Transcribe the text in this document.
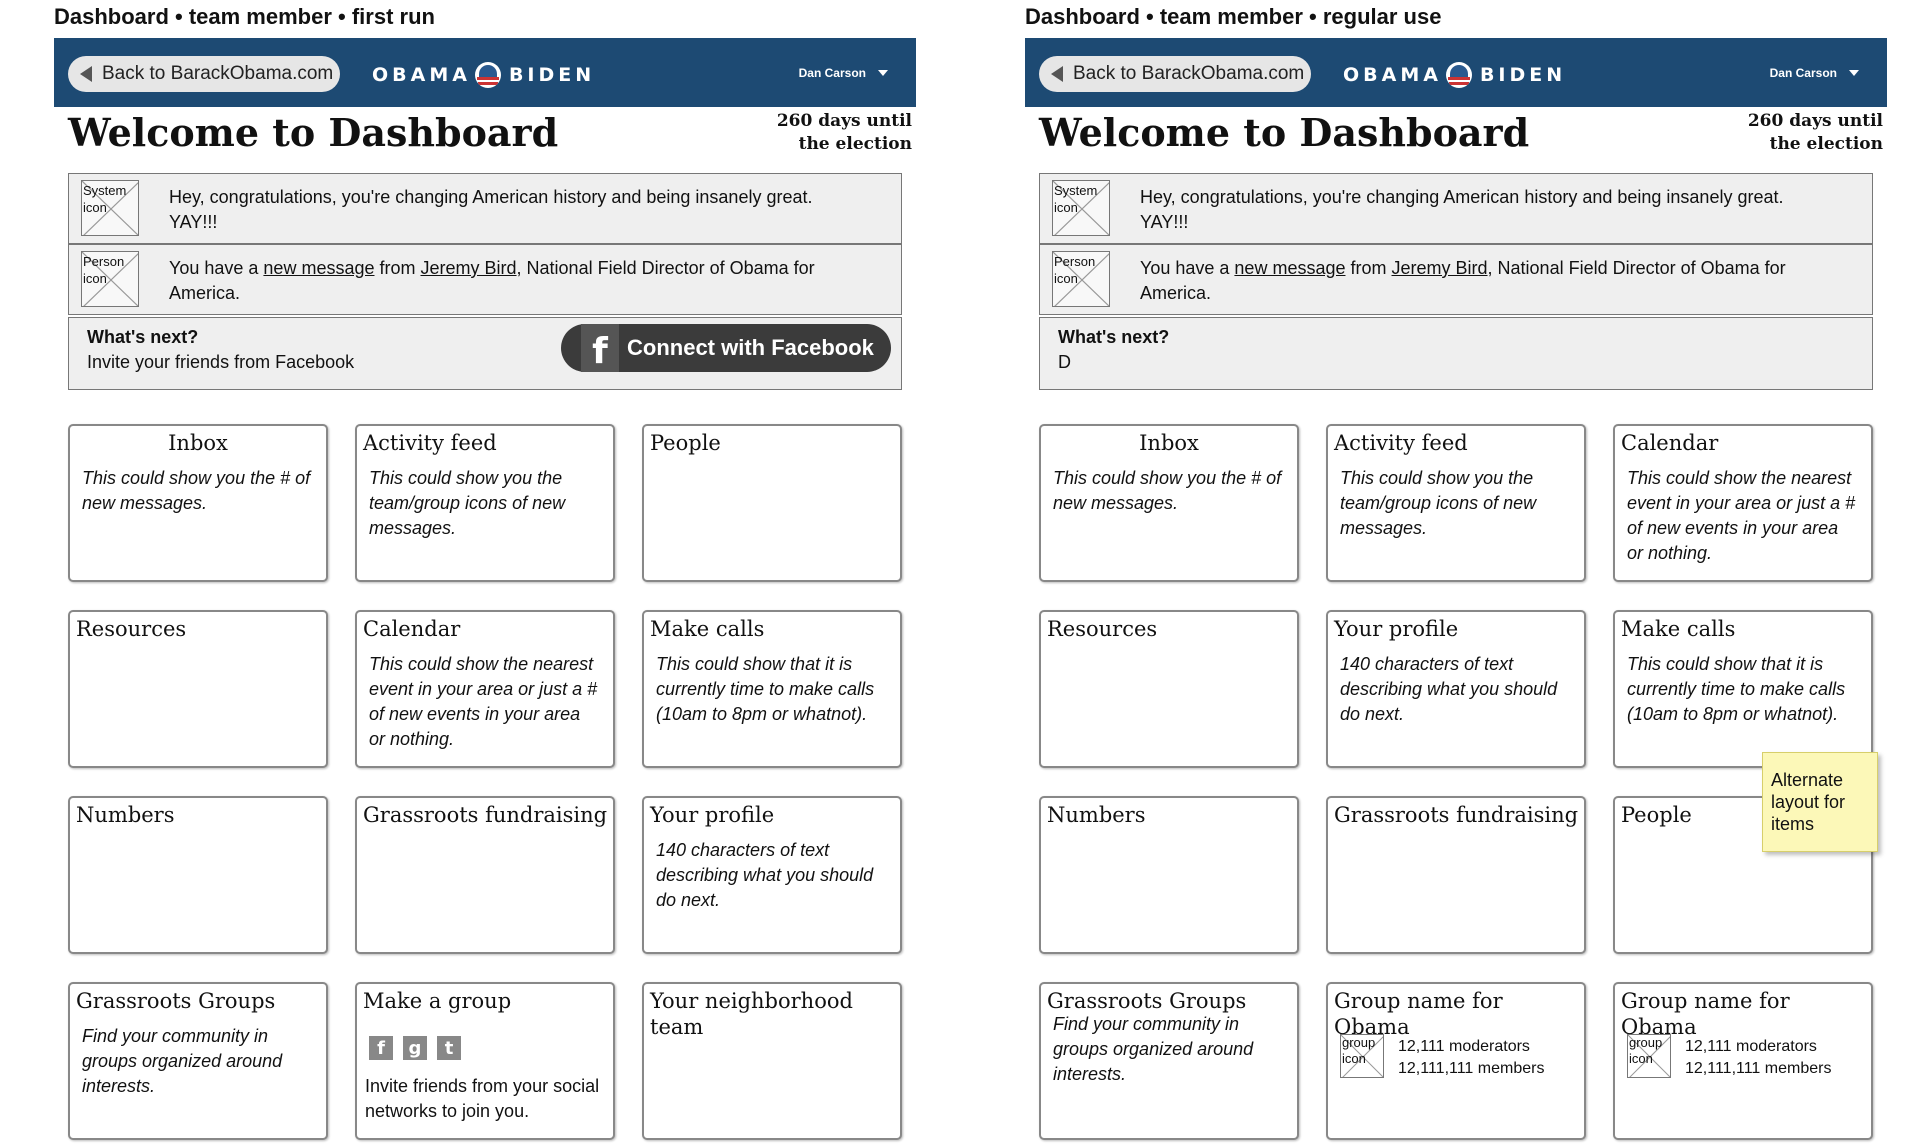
Dashboard • team member • first run
Back to BarackObama.com OBAMA BIDEN	Dan Carson
Welcome to Dashboard	260 days until
the election
System icon
Hey, congratulations, you're changing American history and being insanely great. YAY!!!
Person icon
You have a new message from Jeremy Bird, National Field Director of Obama for America.
What's next?
Invite your friends from Facebook	f Connect with Facebook
Inbox
This could show you the # of new messages.
Activity feed
This could show you the team/group icons of new messages.
People
Resources	Calendar
This could show the nearest event in your area or just a # of new events in your area or nothing.
Make calls
This could show that it is currently time to make calls (10am to 8pm or whatnot).
Numbers	Grassroots fundraising Your profile
140 characters of text describing what you should do next.
Grassroots Groups
Find your community in groups organized around interests.
Make a group
f	g	t
Invite friends from your social networks to join you.
Your neighborhood team
Dashboard • team member • regular use
Back to BarackObama.com OBAMA BIDEN	Dan Carson
Welcome to Dashboard	260 days until
the election
System icon
Hey, congratulations, you're changing American history and being insanely great. YAY!!!
Person icon
You have a new message from Jeremy Bird, National Field Director of Obama for America.
What's next?
D
Inbox
This could show you the # of new messages.
Activity feed
This could show you the team/group icons of new messages.
Calendar
This could show the nearest event in your area or just a # of new events in your area or nothing.
Resources	Your profile
140 characters of text describing what you should do next.
Make calls
This could show that it is currently time to make calls (10am to 8pm or whatnot).
Numbers	Grassroots fundraising People
Grassroots Groups
Find your community in groups organized around interests.
Group name for Obama
group icon
12,111 moderators
12,111,111 members
Group name for Obama
group icon
12,111 moderators
12,111,111 members
Alternate layout for items
